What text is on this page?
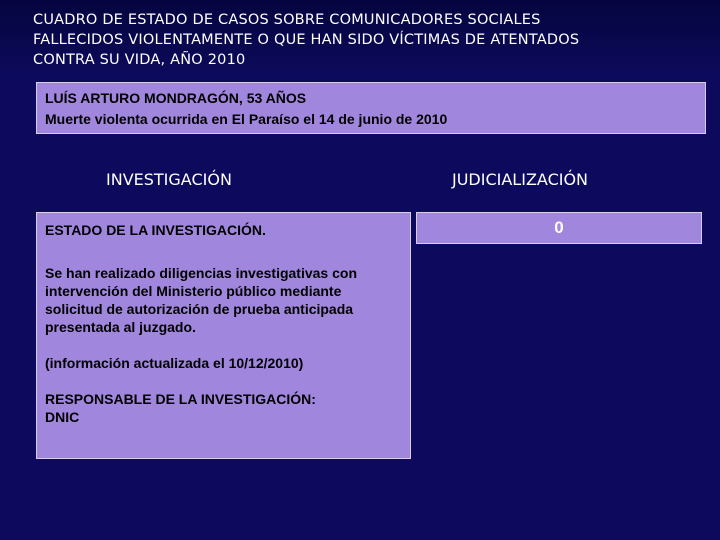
CUADRO DE ESTADO DE CASOS SOBRE COMUNICADORES SOCIALES
FALLECIDOS VIOLENTAMENTE O QUE HAN SIDO VÍCTIMAS DE ATENTADOS
CONTRA SU VIDA, AÑO 2010
LUÍS ARTURO MONDRAGÓN, 53 AÑOS
Muerte violenta ocurrida en El Paraíso el 14 de junio de 2010
INVESTIGACIÓN	JUDICIALIZACIÓN

ESTADO DE LA INVESTIGACIÓN.

Se han realizado diligencias investigativas con intervención del Ministerio público mediante solicitud de autorización de prueba anticipada presentada al juzgado.

(información actualizada el 10/12/2010)

RESPONSABLE DE LA INVESTIGACIÓN:

DNIC

0
